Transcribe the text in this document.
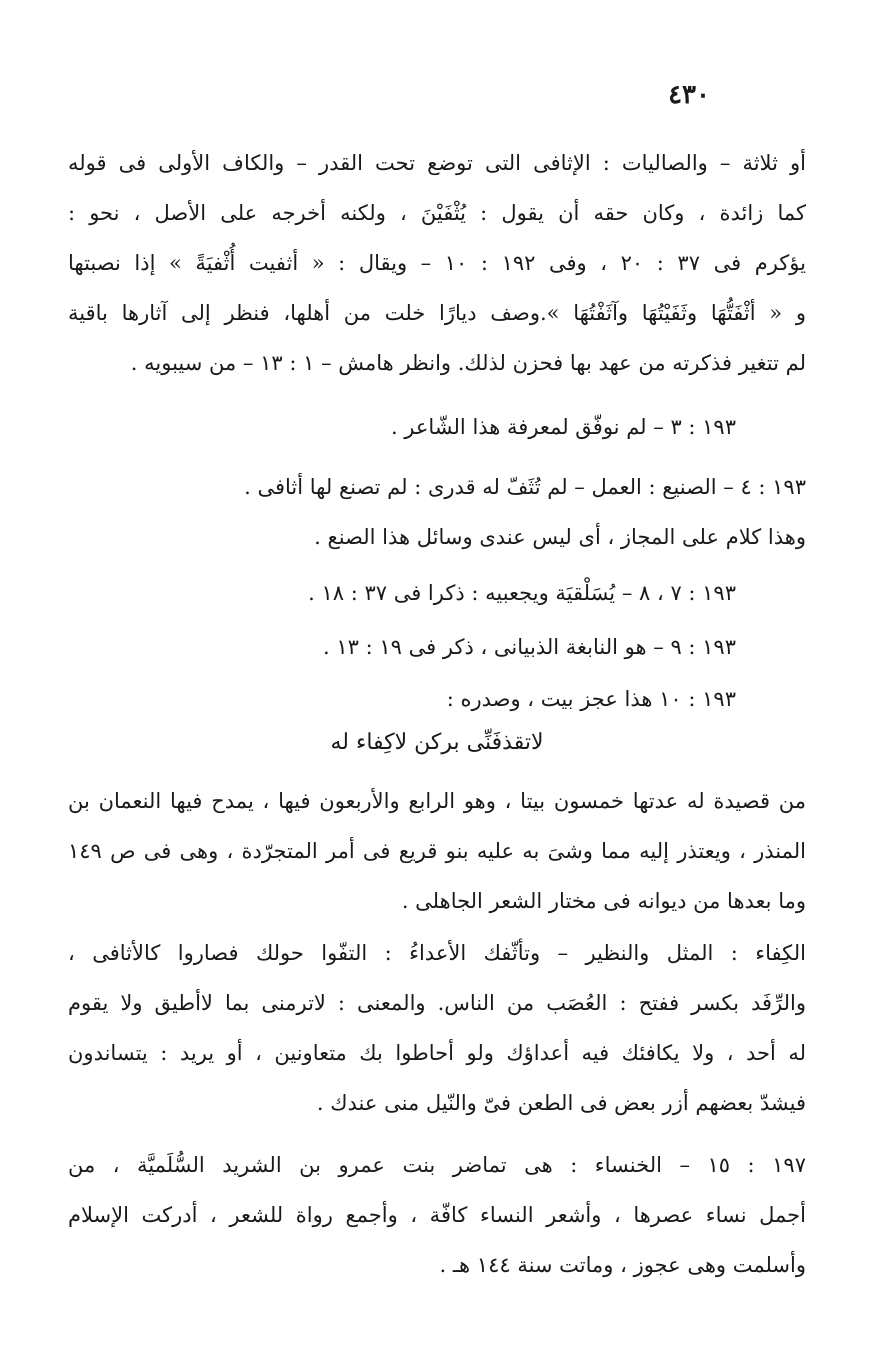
٤٣٠
أو ثلاثة – والصاليات : الإثافى التى توضع تحت القدر – والكاف الأولى فى قوله
كما زائدة ، وكان حقه أن يقول : يُثْفَيْنَ ، ولكنه أخرجه على الأصل ، نحو :
يؤكرم فى ٣٧ : ٢٠ ، وفى ١٩٢ : ١٠ – ويقال : « أثفيت أُثْفيَةً » إذا نصبتها
و « أثْفَتُّهَا وثَفَيْتُهَا وآثَفْتُهَا ».وصف ديارًا خلت من أهلها، فنظر إلى آثارها باقية
لم تتغير فذكرته من عهد بها فحزن لذلك. وانظر هامش – ١ : ١٣ – من سيبويه .
١٩٣ : ٣ – لم نوفّق لمعرفة هذا الشّاعر .
١٩٣ : ٤ – الصنيع : العمل – لم تُثَفّ له قدرى : لم تصنع لها أثافى .
وهذا كلام على المجاز ، أى ليس عندى وسائل هذا الصنع .
١٩٣ : ٧ ، ٨ – يُسَلْقيَة ويجعبيه : ذكرا فى ٣٧ : ١٨ .
١٩٣ : ٩ – هو النابغة الذبيانى ، ذكر فى ١٩ : ١٣ .
١٩٣ : ١٠ هذا عجز بيت ، وصدره :
لاتقذفَنِّى بركن لاكِفاء له
من قصيدة له عدتها خمسون بيتا ، وهو الرابع والأربعون فيها ، يمدح فيها النعمان بن
المنذر ، ويعتذر إليه مما وشىَ به عليه بنو قريع فى أمر المتجرّدة ، وهى فى ص ١٤٩
وما بعدها من ديوانه فى مختار الشعر الجاهلى .
الكِفاء : المثل والنظير – وتأثّفك الأعداءُ : التفّوا حولك فصاروا كالأثافى ،
والرِّفَد بكسر ففتح : العُصَب من الناس. والمعنى : لاترمنى بما لاأطيق ولا يقوم
له أحد ، ولا يكافئك فيه أعداؤك ولو أحاطوا بك متعاونين ، أو يريد : يتساندون
فيشدّ بعضهم أزر بعض فى الطعن فىّ والنّيل منى عندك .
١٩٧ : ١٥ – الخنساء : هى تماضر بنت عمرو بن الشريد السُّلَميَّة ، من
أجمل نساء عصرها ، وأشعر النساء كافّة ، وأجمع رواة للشعر ، أدركت الإسلام
وأسلمت وهى عجوز ، وماتت سنة ١٤٤ هـ .
